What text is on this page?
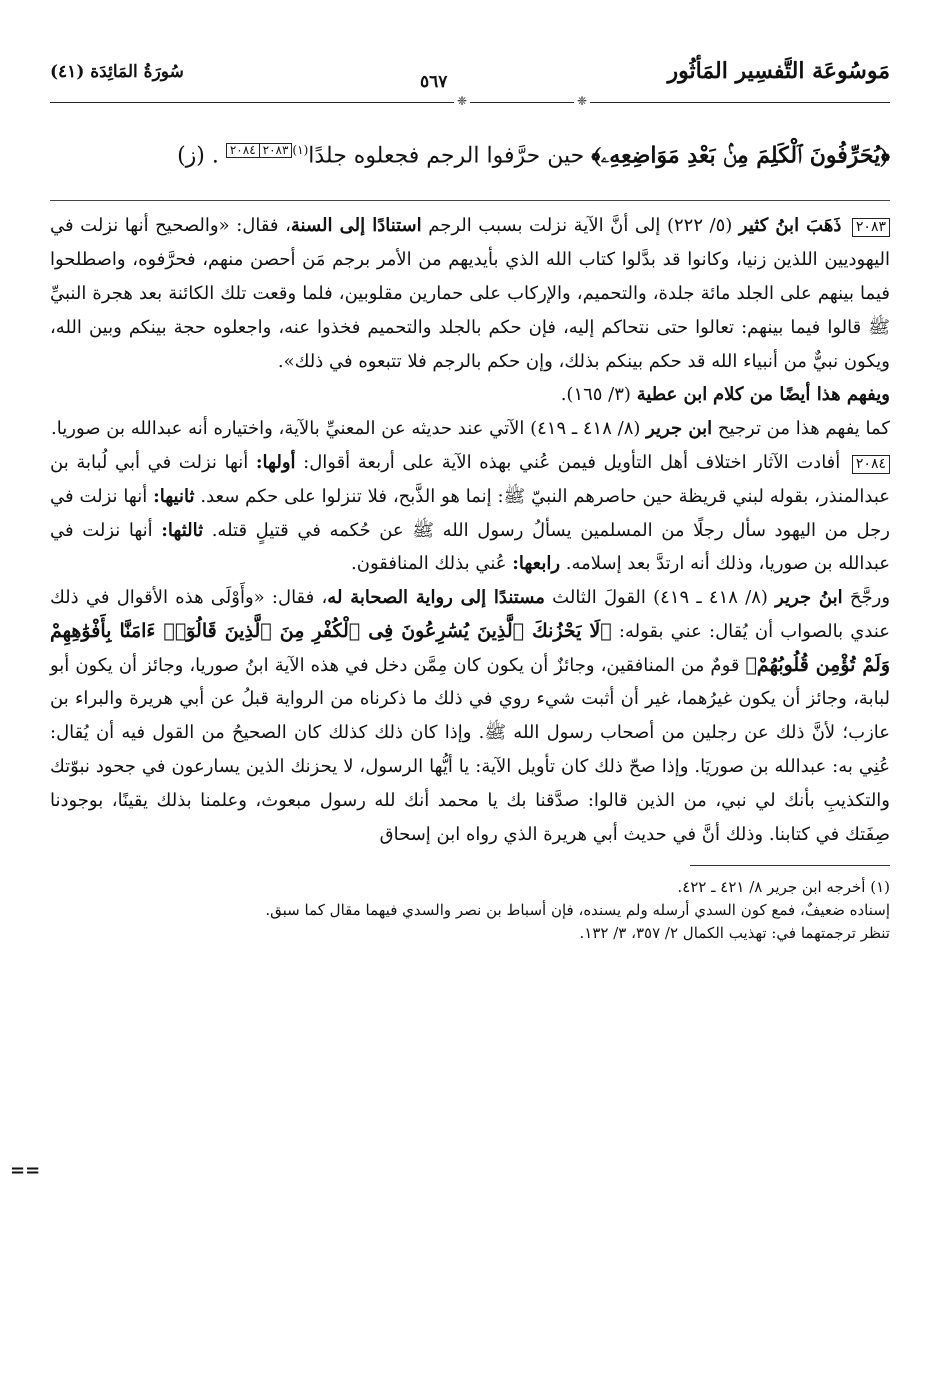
مَوسُوعَة التَّفسِير المَأثُور
٥٦٧
سُورَةُ المَائِدَة (٤١)
❈	❈
﴿يُحَرِّفُونَ ٱلْكَلِمَ مِنۢ بَعْدِ مَوَاضِعِهِۦ﴾ حين حرَّفوا الرجم فجعلوه جلدًا$^{(١)}$٢٠٨٣٢٠٨٤ . (ز)

٢٠٨٣ ذَهَبَ ابنُ كثير (٥/ ٢٢٢) إلى أنَّ الآية نزلت بسبب الرجم استنادًا إلى السنة، فقال: «والصحيح أنها نزلت في اليهوديين اللذين زنيا، وكانوا قد بدَّلوا كتاب الله الذي بأيديهم من الأمر برجم مَن أحصن منهم، فحرَّفوه، واصطلحوا فيما بينهم على الجلد مائة جلدة، والتحميم، والإركاب على حمارين مقلوبين، فلما وقعت تلك الكائنة بعد هجرة النبيِّ ﷺ قالوا فيما بينهم: تعالوا حتى نتحاكم إليه، فإن حكم بالجلد والتحميم فخذوا عنه، واجعلوه حجة بينكم وبين الله، ويكون نبيٌّ من أنبياء الله قد حكم بينكم بذلك، وإن حكم بالرجم فلا تتبعوه في ذلك».

ويفهم هذا أيضًا من كلام ابن عطية (٣/ ١٦٥).

كما يفهم هذا من ترجيح ابن جرير (٨/ ٤١٨ ـ ٤١٩) الآتي عند حديثه عن المعنيِّ بالآية، واختياره أنه عبدالله بن صوريا.

٢٠٨٤ أفادت الآثار اختلاف أهل التأويل فيمن عُني بهذه الآية على أربعة أقوال: أولها: أنها نزلت في أبي لُبابة بن عبدالمنذر، بقوله لبني قريظة حين حاصرهم النبيّ ﷺ: إنما هو الذَّبح، فلا تنزلوا على حكم سعد. ثانيها: أنها نزلت في رجل من اليهود سأل رجلًا من المسلمين يسألُ رسول الله ﷺ عن حُكمه في قتيلٍ قتله. ثالثها: أنها نزلت في عبدالله بن صوريا، وذلك أنه ارتدَّ بعد إسلامه. رابعها: عُني بذلك المنافقون.

ورجَّحَ ابنُ جرير (٨/ ٤١٨ ـ ٤١٩) القولَ الثالث مستندًا إلى رواية الصحابة له، فقال: «وأَوْلَى هذه الأقوال في ذلك عندي بالصواب أن يُقال: عني بقوله: ﴿لَا يَحْزُنكَ ٱلَّذِينَ يُسَٰرِعُونَ فِى ٱلْكُفْرِ مِنَ ٱلَّذِينَ قَالُوٓا۟ ءَامَنَّا بِأَفْوَٰهِهِمْ وَلَمْ تُؤْمِن قُلُوبُهُمْ﴾ قومٌ من المنافقين، وجائزٌ أن يكون كان مِمَّن دخل في هذه الآية ابنُ صوريا، وجائز أن يكون أبو لبابة، وجائز أن يكون غيرُهما، غير أن أثبت شيء روي في ذلك ما ذكرناه من الرواية قبلُ عن أبي هريرة والبراء بن عازب؛ لأنَّ ذلك عن رجلين من أصحاب رسول الله ﷺ. وإذا كان ذلك كذلك كان الصحيحُ من القول فيه أن يُقال: عُنِي به: عبدالله بن صوريَا. وإذا صحّ ذلك كان تأويل الآية: يا أيُّها الرسول، لا يحزنك الذين يسارعون في جحود نبوّتك والتكذيبِ بأنك لي نبي، من الذين قالوا: صدَّقنا بك يا محمد أنك لله رسول مبعوث، وعلمنا بذلك يقينًا، بوجودنا صِفَتك في كتابنا. وذلك أنَّ في حديث أبي هريرة الذي رواه ابن إسحاق

(١) أخرجه ابن جرير ٨/ ٤٢١ ـ ٤٢٢.

إسناده ضعيفٌ، فمع كون السدي أرسله ولم يسنده، فإن أسباط بن نصر والسدي فيهما مقال كما سبق.

تنظر ترجمتهما في: تهذيب الكمال ٢/ ٣٥٧، ٣/ ١٣٢.

==
